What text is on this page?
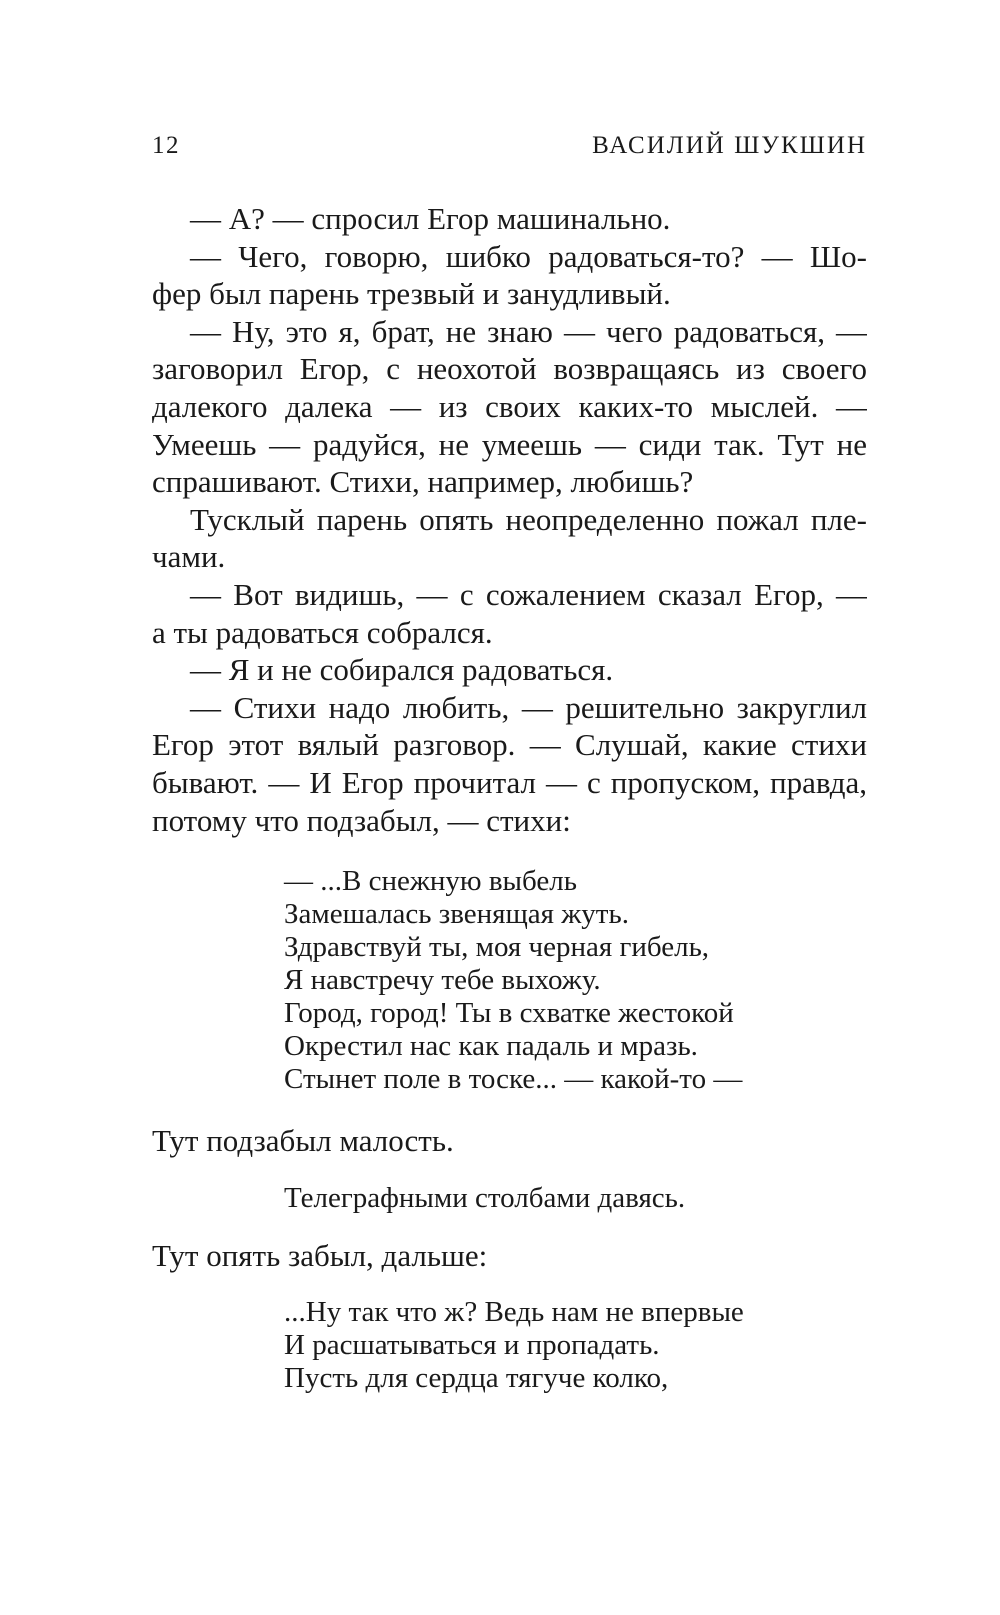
12	ВАСИЛИЙ ШУКШИН
— А? — спросил Егор машинально.
— Чего, говорю, шибко радоваться-то? — Шо-
фер был парень трезвый и занудливый.
— Ну, это я, брат, не знаю — чего радоваться, —
заговорил Егор, с неохотой возвращаясь из своего
далекого далека — из своих каких-то мыслей. —
Умеешь — радуйся, не умеешь — сиди так. Тут не
спрашивают. Стихи, например, любишь?
Тусклый парень опять неопределенно пожал пле-
чами.
— Вот видишь, — с сожалением сказал Егор, —
а ты радоваться собрался.
— Я и не собирался радоваться.
— Стихи надо любить, — решительно закруглил
Егор этот вялый разговор. — Слушай, какие стихи
бывают. — И Егор прочитал — с пропуском, правда,
потому что подзабыл, — стихи:
— ...В снежную выбель
Замешалась звенящая жуть.
Здравствуй ты, моя черная гибель,
Я навстречу тебе выхожу.
Город, город! Ты в схватке жестокой
Окрестил нас как падаль и мразь.
Стынет поле в тоске... — какой-то —
Тут подзабыл малость.
Телеграфными столбами давясь.
Тут опять забыл, дальше:
...Ну так что ж? Ведь нам не впервые
И расшатываться и пропадать.
Пусть для сердца тягуче колко,
